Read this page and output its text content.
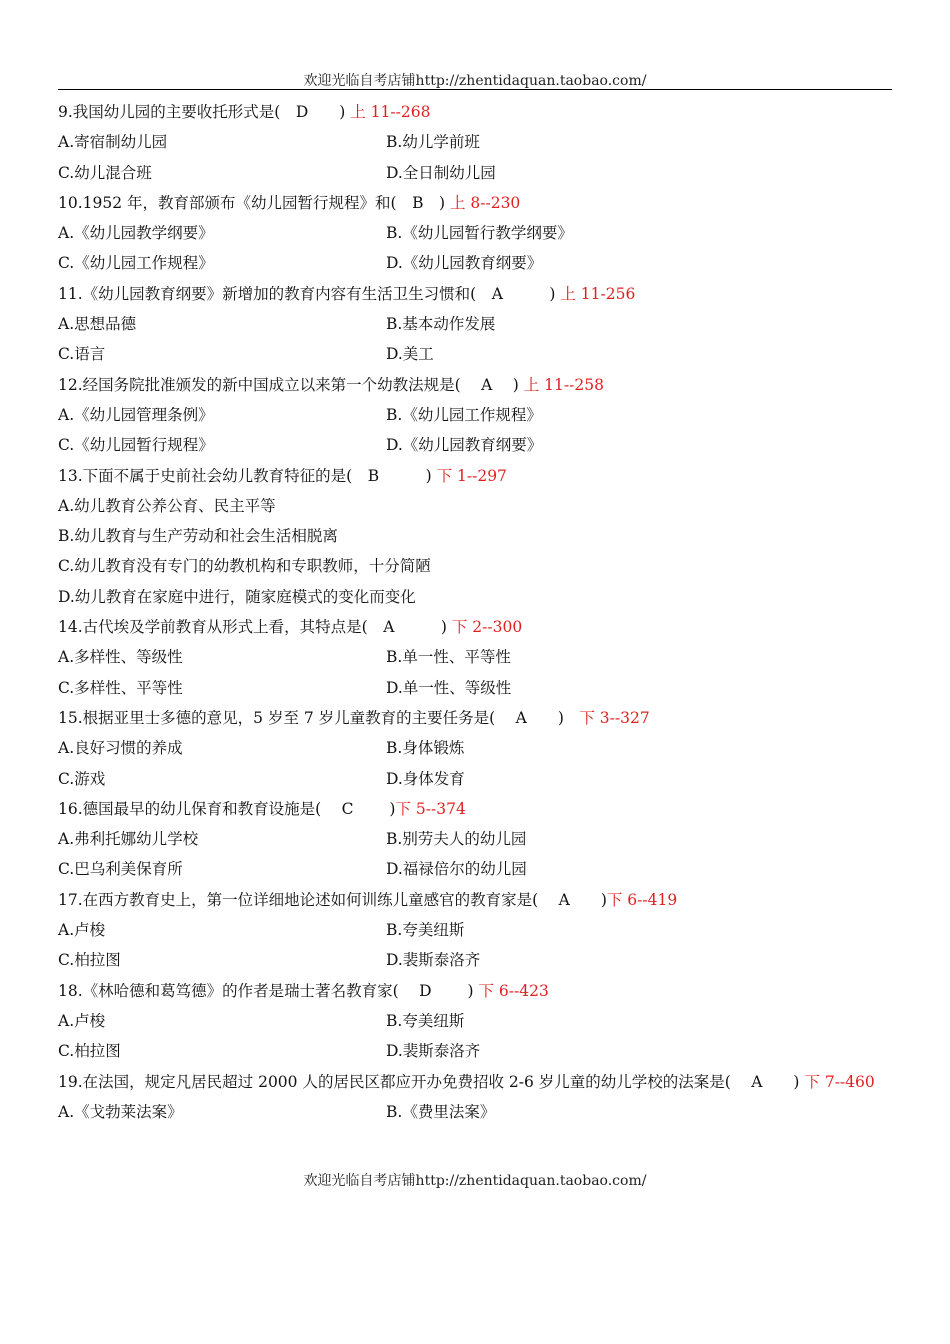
欢迎光临自考店铺http://zhentidaquan.taobao.com/
9.我国幼儿园的主要收托形式是(　D　　) 上 11--268
A.寄宿制幼儿园	B.幼儿学前班
C.幼儿混合班	D.全日制幼儿园
10.1952 年，教育部颁布《幼儿园暂行规程》和(　B　) 上 8--230
A.《幼儿园教学纲要》	B.《幼儿园暂行教学纲要》
C.《幼儿园工作规程》	D.《幼儿园教育纲要》
11.《幼儿园教育纲要》新增加的教育内容有生活卫生习惯和(　A　　　) 上 11-256
A.思想品德	B.基本动作发展
C.语言	D.美工
12.经国务院批准颁发的新中国成立以来第一个幼教法规是(　 A　 ) 上 11--258
A.《幼儿园管理条例》	B.《幼儿园工作规程》
C.《幼儿园暂行规程》	D.《幼儿园教育纲要》
13.下面不属于史前社会幼儿教育特征的是(　B　　　) 下 1--297
A.幼儿教育公养公育、民主平等
B.幼儿教育与生产劳动和社会生活相脱离
C.幼儿教育没有专门的幼教机构和专职教师，十分简陋
D.幼儿教育在家庭中进行，随家庭模式的变化而变化
14.古代埃及学前教育从形式上看，其特点是(　A　　　) 下 2--300
A.多样性、等级性	B.单一性、平等性
C.多样性、平等性	D.单一性、等级性
15.根据亚里士多德的意见，5 岁至 7 岁儿童教育的主要任务是(　 A　　)　下 3--327
A.良好习惯的养成	B.身体锻炼
C.游戏	D.身体发育
16.德国最早的幼儿保育和教育设施是(　 C　　 )下 5--374
A.弗利托娜幼儿学校	B.别劳夫人的幼儿园
C.巴乌利美保育所	D.福禄倍尔的幼儿园
17.在西方教育史上，第一位详细地论述如何训练儿童感官的教育家是(　 A　　)下 6--419
A.卢梭	B.夸美纽斯
C.柏拉图	D.裴斯泰洛齐
18.《林哈德和葛笃德》的作者是瑞士著名教育家(　 D　　 ) 下 6--423
A.卢梭	B.夸美纽斯
C.柏拉图	D.裴斯泰洛齐
19.在法国，规定凡居民超过 2000 人的居民区都应开办免费招收 2-6 岁儿童的幼儿学校的法案是(　 A　　) 下 7--460
A.《戈勃莱法案》	B.《费里法案》
欢迎光临自考店铺http://zhentidaquan.taobao.com/
